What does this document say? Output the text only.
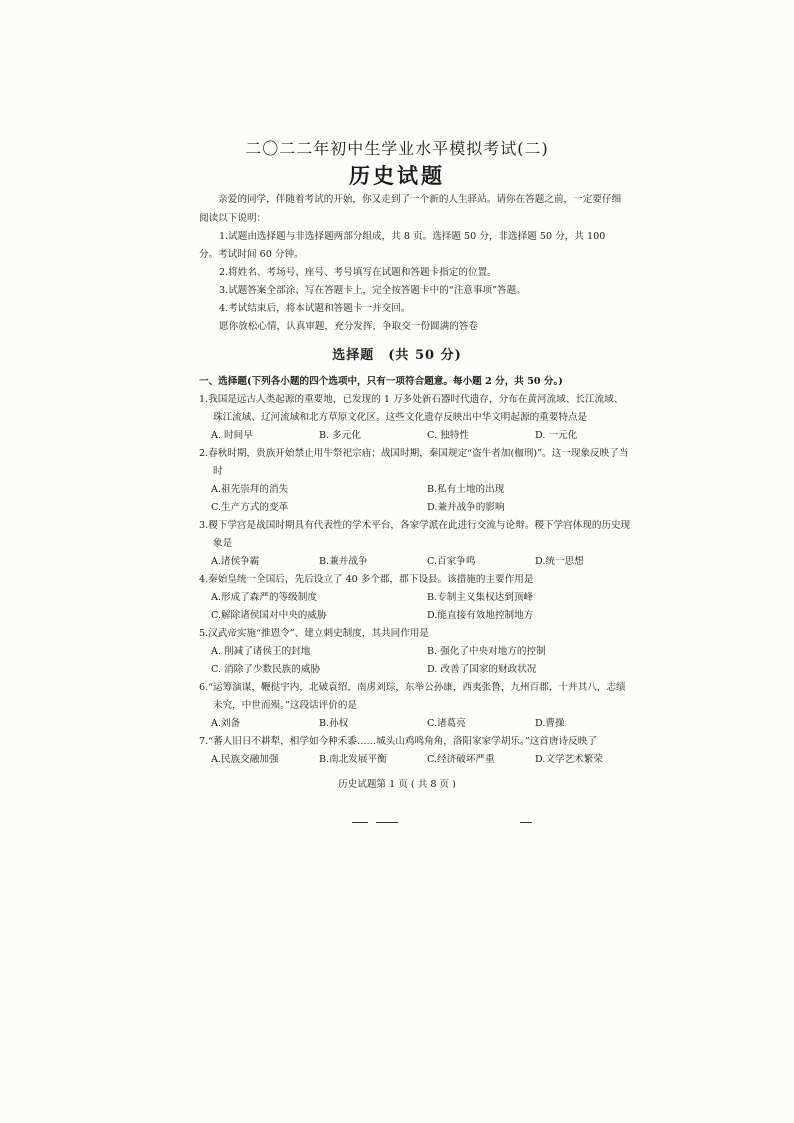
二〇二二年初中生学业水平模拟考试(二)
历史试题
亲爱的同学，伴随着考试的开始，你又走到了一个新的人生驿站。请你在答题之前，一定要仔细阅读以下说明：

1.试题由选择题与非选择题两部分组成，共 8 页。选择题 50 分，非选择题 50 分，共 100 分。考试时间 60 分钟。

2.将姓名、考场号、座号、考号填写在试题和答题卡指定的位置。

3.试题答案全部涂、写在答题卡上，完全按答题卡中的“注意事项”答题。

4.考试结束后，将本试题和答题卡一并交回。

愿你放松心情，认真审题，充分发挥，争取交一份圆满的答卷

选择题 (共 50 分)
一、选择题(下列各小题的四个选项中，只有一项符合题意。每小题 2 分，共 50 分。)

1.我国是远古人类起源的重要地，已发现的 1 万多处新石器时代遗存，分布在黄河流域、长江流域、珠江流域、辽河流域和北方草原文化区。这些文化遗存反映出中华文明起源的重要特点是

A. 时间早	B. 多元化	C. 独特性	D. 一元化

2.春秋时期，贵族开始禁止用牛祭祀宗庙；战国时期，秦国规定“盗牛者加(枷刑)”。这一现象反映了当时

A.祖先崇拜的消失	B.私有土地的出现
C.生产方式的变革	D.兼并战争的影响

3.稷下学宫是战国时期具有代表性的学术平台，各家学派在此进行交流与论辩。稷下学宫体现的历史现象是

A.诸侯争霸	B.兼并战争	C.百家争鸣	D.统一思想

4.秦始皇统一全国后，先后设立了 40 多个郡，郡下设县。该措施的主要作用是

A.形成了森严的等级制度	B.专制主义集权达到顶峰
C.解除诸侯国对中央的威胁	D.能直接有效地控制地方

5.汉武帝实施“推恩令”、建立刺史制度，其共同作用是

A. 削减了诸侯王的封地	B. 强化了中央对地方的控制
C. 消除了少数民族的威胁	D. 改善了国家的财政状况

6.“运筹演谋，鞭挞宇内，北破袁绍，南虏刘琮，东举公孙康，西夷张鲁，九州百郡，十并其八，志绩未究，中世而殒。”这段话评价的是

A.刘备	B.孙权	C.诸葛亮	D.曹操

7.“蕃人旧日不耕犁，相学如今种禾黍……城头山鸡鸣角角，洛阳家家学胡乐。”这首唐诗反映了

A.民族交融加强	B.南北发展平衡	C.经济破坏严重	D.文学艺术繁荣
历史试题第 1 页 ( 共 8 页 )
